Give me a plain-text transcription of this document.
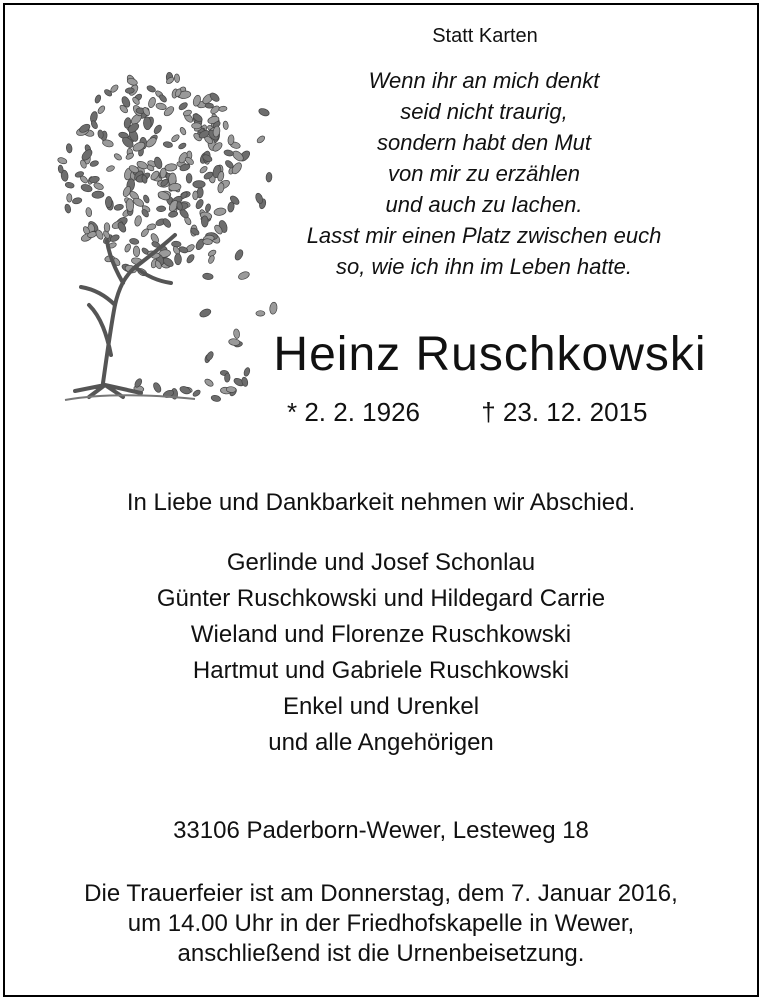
Statt Karten
Wenn ihr an mich denkt
seid nicht traurig,
sondern habt den Mut
von mir zu erzählen
und auch zu lachen.
Lasst mir einen Platz zwischen euch
so, wie ich ihn im Leben hatte.
Heinz Ruschkowski
* 2. 2. 1926 † 23. 12. 2015
In Liebe und Dankbarkeit nehmen wir Abschied.
Gerlinde und Josef Schonlau
Günter Ruschkowski und Hildegard Carrie
Wieland und Florenze Ruschkowski
Hartmut und Gabriele Ruschkowski
Enkel und Urenkel
und alle Angehörigen
33106 Paderborn-Wewer, Lesteweg 18
Die Trauerfeier ist am Donnerstag, dem 7. Januar 2016,
um 14.00 Uhr in der Friedhofskapelle in Wewer,
anschließend ist die Urnenbeisetzung.
